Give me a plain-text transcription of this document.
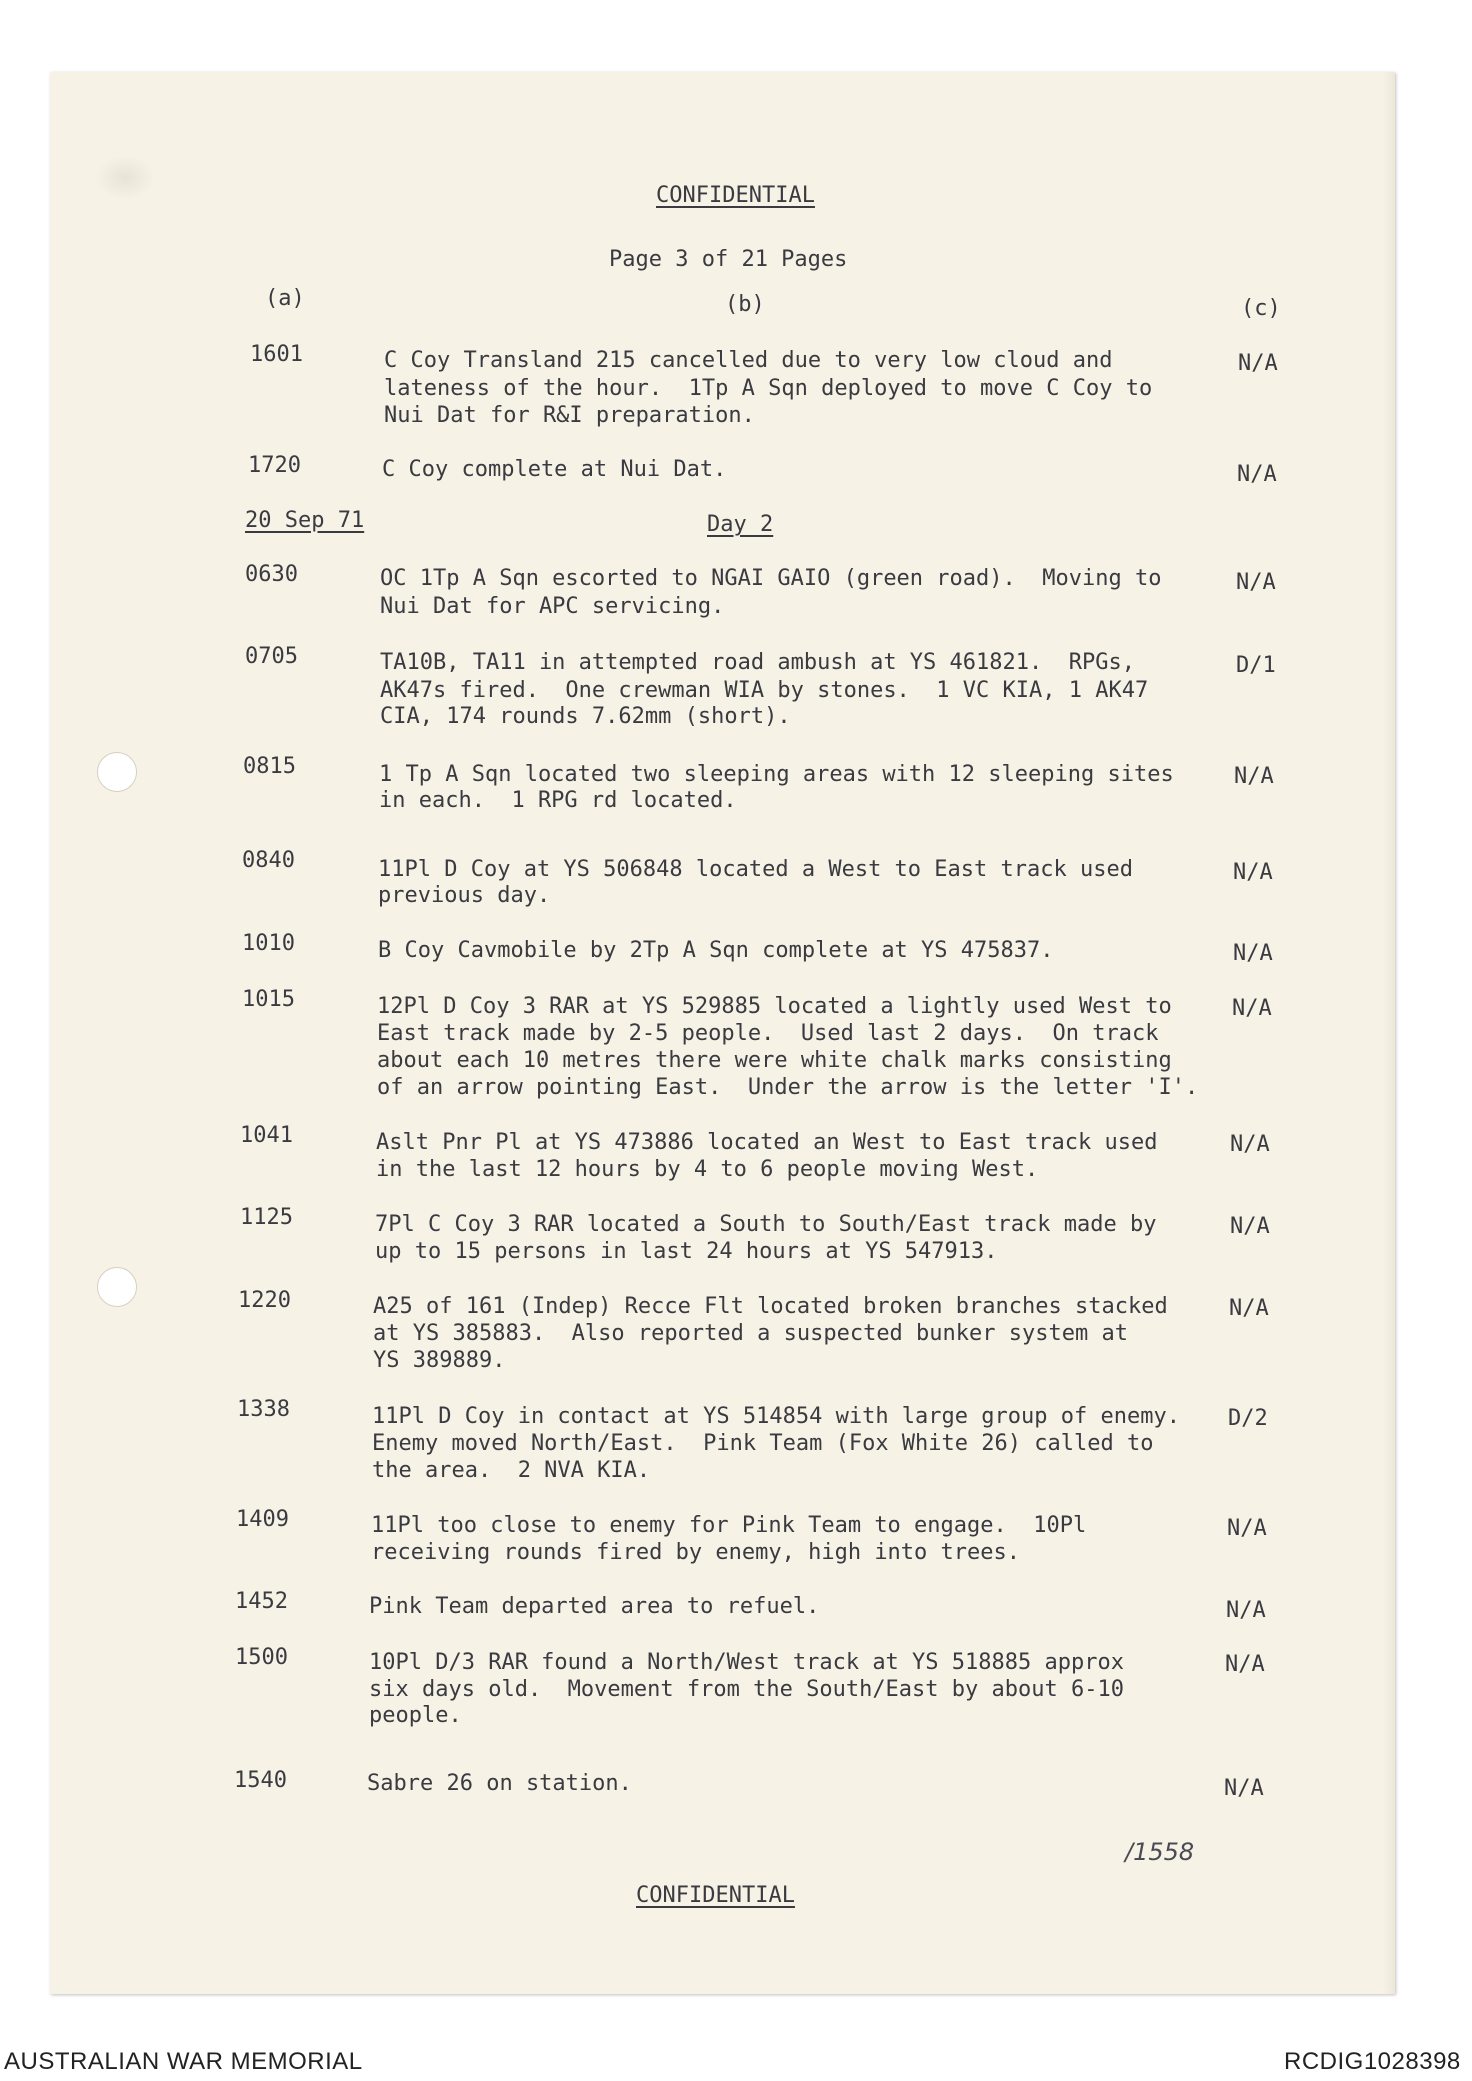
CONFIDENTIAL
Page 3 of 21 Pages
(a)	(b)	(c)
1601	C Coy Transland 215 cancelled due to very low cloud and
lateness of the hour.  1Tp A Sqn deployed to move C Coy to
Nui Dat for R&I preparation.
N/A
1720	C Coy complete at Nui Dat.	N/A
20 Sep 71	Day 2
0630	OC 1Tp A Sqn escorted to NGAI GAIO (green road).  Moving to
Nui Dat for APC servicing.
N/A
0705	TA10B, TA11 in attempted road ambush at YS 461821.  RPGs,
AK47s fired.  One crewman WIA by stones.  1 VC KIA, 1 AK47
CIA, 174 rounds 7.62mm (short).
D/1
0815	1 Tp A Sqn located two sleeping areas with 12 sleeping sites
in each.  1 RPG rd located.
N/A
0840	11Pl D Coy at YS 506848 located a West to East track used
previous day.
N/A
1010	B Coy Cavmobile by 2Tp A Sqn complete at YS 475837.	N/A
1015	12Pl D Coy 3 RAR at YS 529885 located a lightly used West to
East track made by 2-5 people.  Used last 2 days.  On track
about each 10 metres there were white chalk marks consisting
of an arrow pointing East.  Under the arrow is the letter 'I'.
N/A
1041	Aslt Pnr Pl at YS 473886 located an West to East track used
in the last 12 hours by 4 to 6 people moving West.
N/A
1125	7Pl C Coy 3 RAR located a South to South/East track made by
up to 15 persons in last 24 hours at YS 547913.
N/A
1220	A25 of 161 (Indep) Recce Flt located broken branches stacked
at YS 385883.  Also reported a suspected bunker system at
YS 389889.
N/A
1338	11Pl D Coy in contact at YS 514854 with large group of enemy.
Enemy moved North/East.  Pink Team (Fox White 26) called to
the area.  2 NVA KIA.
D/2
1409	11Pl too close to enemy for Pink Team to engage.  10Pl
receiving rounds fired by enemy, high into trees.
N/A
1452	Pink Team departed area to refuel.	N/A
1500	10Pl D/3 RAR found a North/West track at YS 518885 approx
six days old.  Movement from the South/East by about 6-10
people.
N/A
1540	Sabre 26 on station.	N/A
/1558
CONFIDENTIAL
AUSTRALIAN WAR MEMORIAL	RCDIG1028398
